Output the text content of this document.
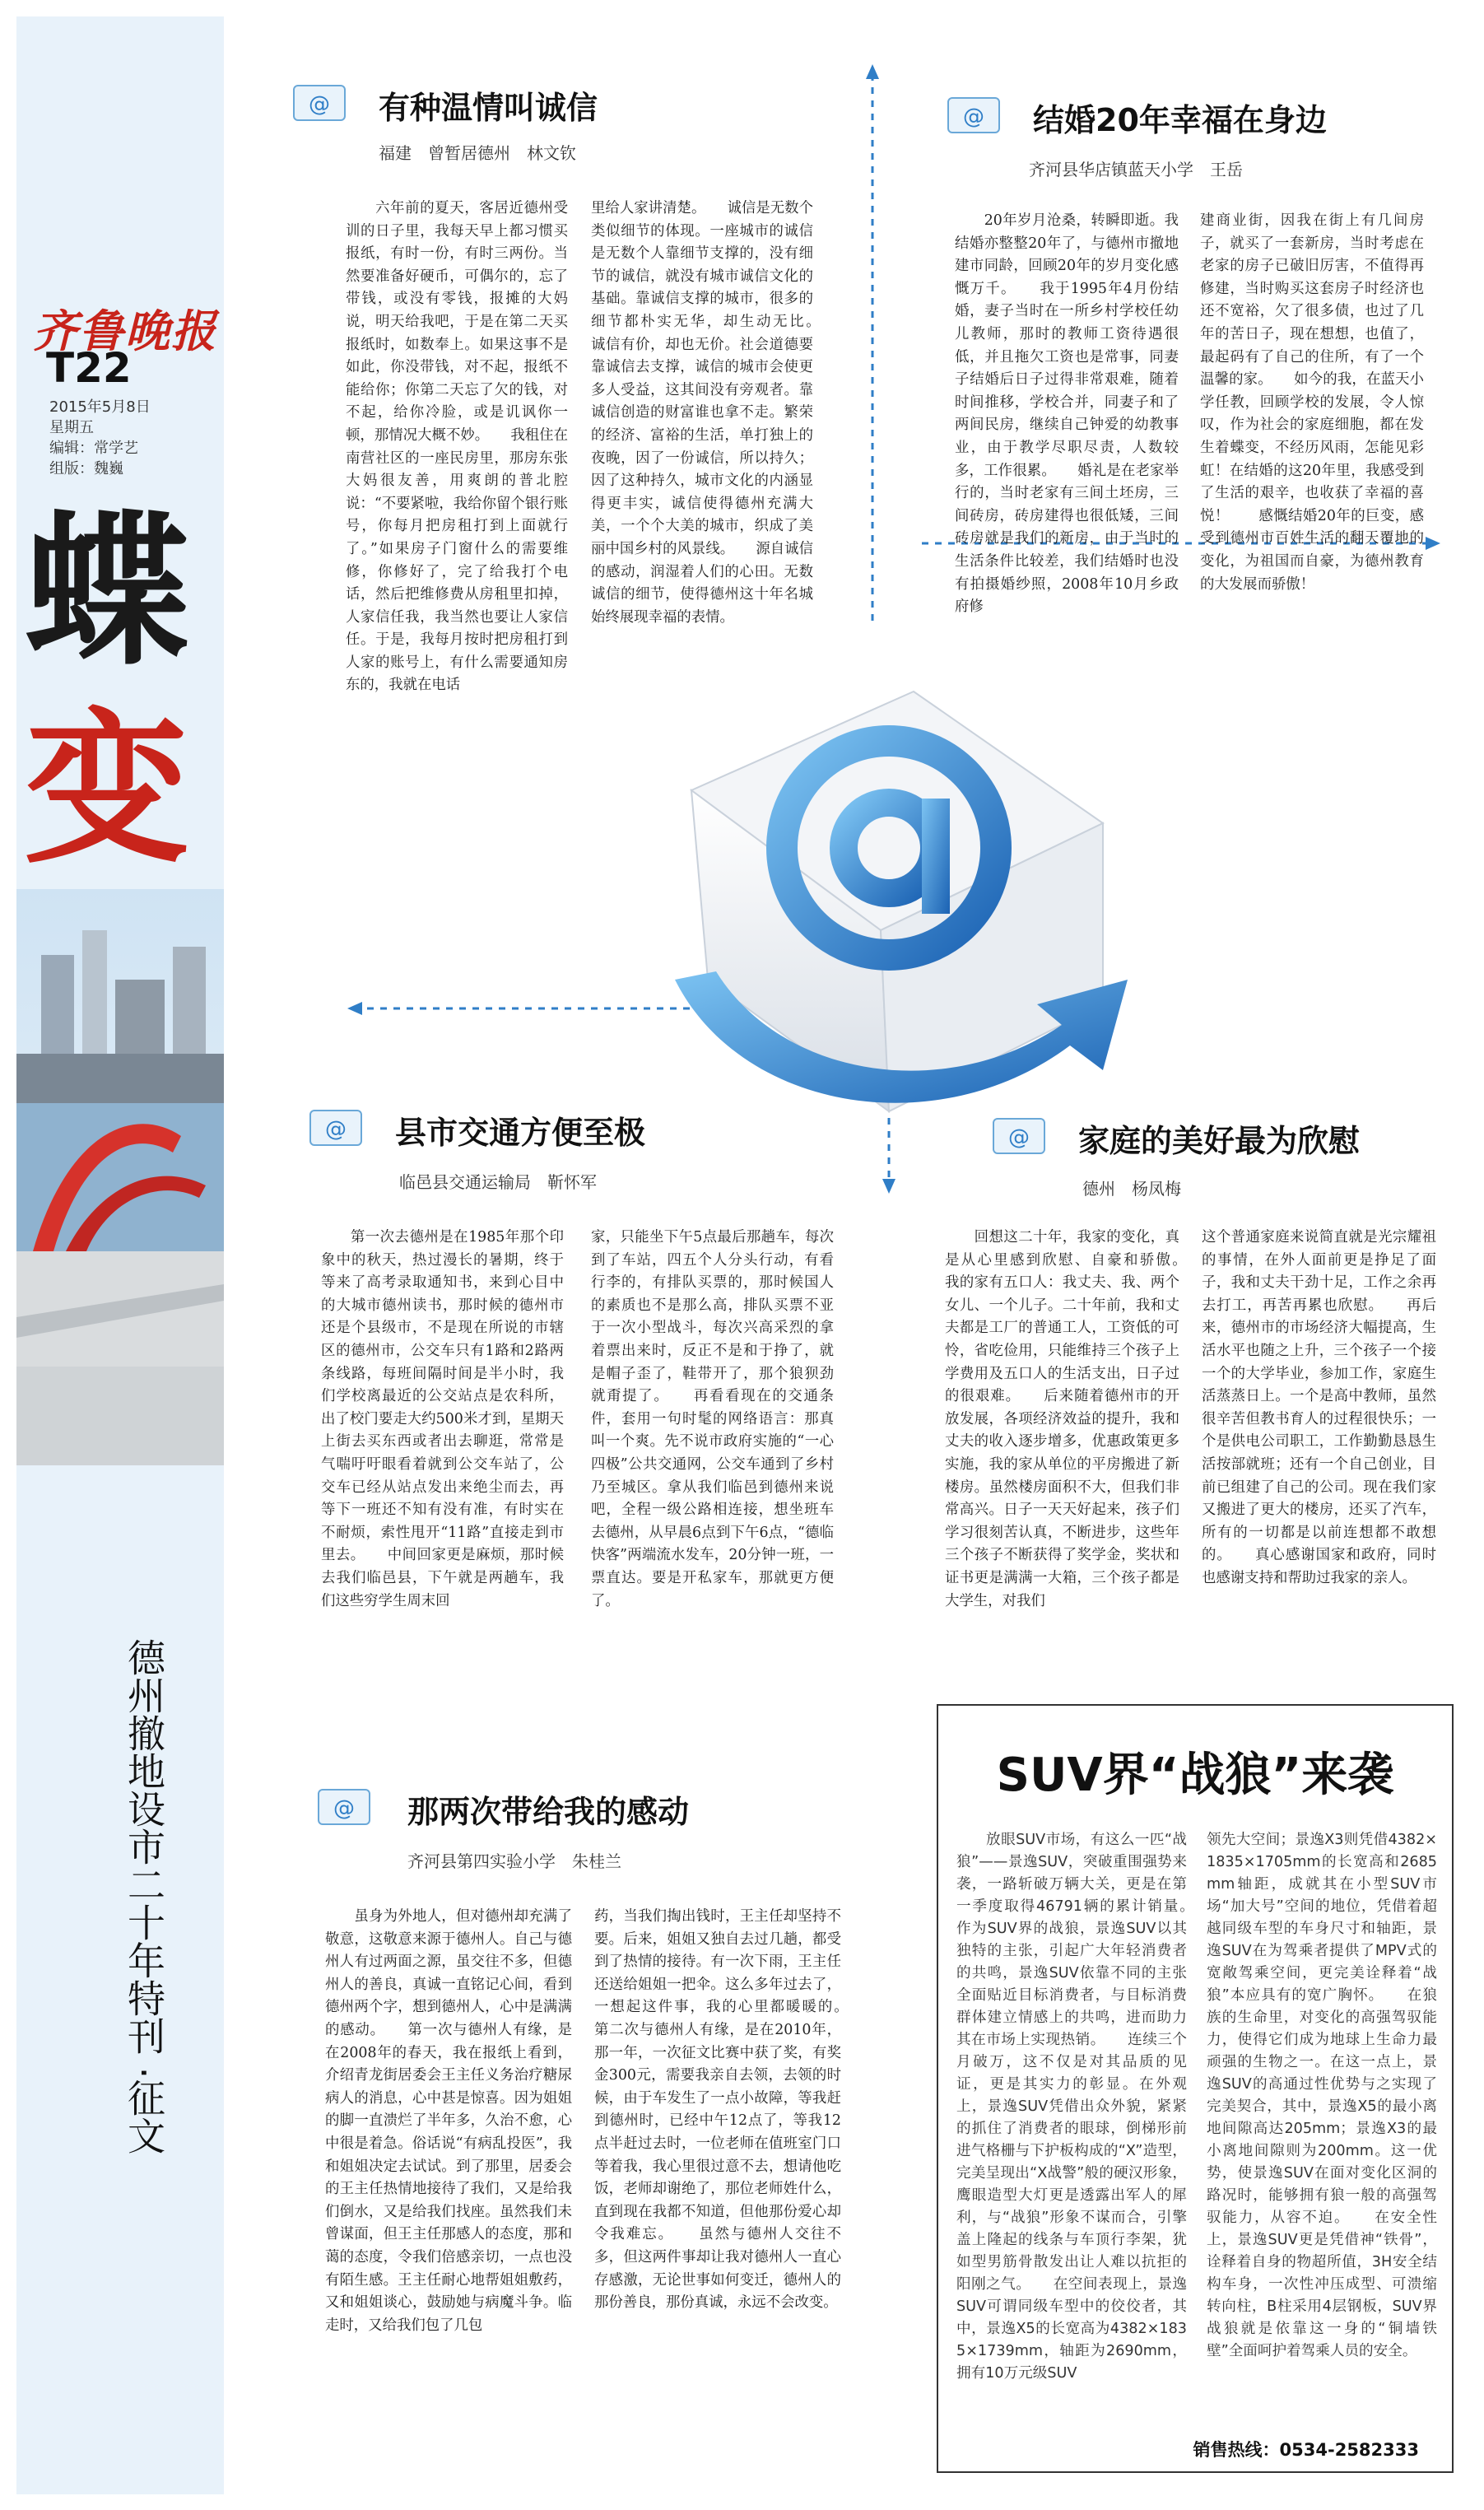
齐鲁晚报
T22
2015年5月8日
星期五
编辑：常学艺
组版：魏巍
蝶
变
德州撤地设市二十年特刊 ·征文
@ 有种温情叫诚信
福建　曾暂居德州　林文钦
　　六年前的夏天，客居近德州受训的日子里，我每天早上都习惯买报纸，有时一份，有时三两份。当然要准备好硬币，可偶尔的，忘了带钱，或没有零钱，报摊的大妈说，明天给我吧，于是在第二天买报纸时，如数奉上。如果这事不是如此，你没带钱，对不起，报纸不能给你；你第二天忘了欠的钱，对不起，给你冷脸，或是讥讽你一顿，那情况大概不妙。　　我租住在南营社区的一座民房里，那房东张大妈很友善，用爽朗的普北腔说：“不要紧啦，我给你留个银行账号，你每月把房租打到上面就行了。”如果房子门窗什么的需要维修，你修好了，完了给我打个电话，然后把维修费从房租里扣掉，人家信任我，我当然也要让人家信任。于是，我每月按时把房租打到人家的账号上，有什么需要通知房东的，我就在电话
里给人家讲清楚。　　诚信是无数个类似细节的体现。一座城市的诚信是无数个人靠细节支撑的，没有细节的诚信，就没有城市诚信文化的基础。靠诚信支撑的城市，很多的细节都朴实无华，却生动无比。　　诚信有价，却也无价。社会道德要靠诚信去支撑，诚信的城市会使更多人受益，这其间没有旁观者。靠诚信创造的财富谁也拿不走。繁荣的经济、富裕的生活，单打独上的夜晚，因了一份诚信，所以持久；因了这种持久，城市文化的内涵显得更丰实，诚信使得德州充满大美，一个个大美的城市，织成了美丽中国乡村的风景线。　　源自诚信的感动，润湿着人们的心田。无数诚信的细节，使得德州这十年名城始终展现幸福的表情。
@ 结婚20年幸福在身边
齐河县华店镇蓝天小学　王岳
　　20年岁月沧桑，转瞬即逝。我结婚亦整整20年了，与德州市撤地建市同龄，回顾20年的岁月变化感慨万千。　　我于1995年4月份结婚，妻子当时在一所乡村学校任幼儿教师，那时的教师工资待遇很低，并且拖欠工资也是常事，同妻子结婚后日子过得非常艰难，随着时间推移，学校合并，同妻子和了两间民房，继续自己钟爱的幼教事业，由于教学尽职尽责，人数较多，工作很累。　　婚礼是在老家举行的，当时老家有三间土坯房，三间砖房，砖房建得也很低矮，三间砖房就是我们的新房，由于当时的生活条件比较差，我们结婚时也没有拍摄婚纱照，2008年10月乡政府修
建商业街，因我在街上有几间房子，就买了一套新房，当时考虑在老家的房子已破旧厉害，不值得再修建，当时购买这套房子时经济也还不宽裕，欠了很多债，也过了几年的苦日子，现在想想，也值了，最起码有了自己的住所，有了一个温馨的家。　　如今的我，在蓝天小学任教，回顾学校的发展，令人惊叹，作为社会的家庭细胞，都在发生着蝶变，不经历风雨，怎能见彩虹！在结婚的这20年里，我感受到了生活的艰辛，也收获了幸福的喜悦！　　感慨结婚20年的巨变，感受到德州市百姓生活的翻天覆地的变化，为祖国而自豪，为德州教育的大发展而骄傲！
@ 县市交通方便至极
临邑县交通运输局　靳怀军
　　第一次去德州是在1985年那个印象中的秋天，热过漫长的暑期，终于等来了高考录取通知书，来到心目中的大城市德州读书，那时候的德州市还是个县级市，不是现在所说的市辖区的德州市，公交车只有1路和2路两条线路，每班间隔时间是半小时，我们学校离最近的公交站点是农科所，出了校门要走大约500米才到，星期天上街去买东西或者出去聊逛，常常是气喘吁吁眼看着就到公交车站了，公交车已经从站点发出来绝尘而去，再等下一班还不知有没有准，有时实在不耐烦，索性甩开“11路”直接走到市里去。　　中间回家更是麻烦，那时候去我们临邑县，下午就是两趟车，我们这些穷学生周末回
家，只能坐下午5点最后那趟车，每次到了车站，四五个人分头行动，有看行李的，有排队买票的，那时候国人的素质也不是那么高，排队买票不亚于一次小型战斗，每次兴高采烈的拿着票出来时，反正不是和于挣了，就是帽子歪了，鞋带开了，那个狼狈劲就甭提了。　　再看看现在的交通条件，套用一句时髦的网络语言：那真叫一个爽。先不说市政府实施的“一心四极”公共交通网，公交车通到了乡村乃至城区。拿从我们临邑到德州来说吧，全程一级公路相连接，想坐班车去德州，从早晨6点到下午6点，“德临快客”两端流水发车，20分钟一班，一票直达。要是开私家车，那就更方便了。
@ 家庭的美好最为欣慰
德州　杨凤梅
　　回想这二十年，我家的变化，真是从心里感到欣慰、自豪和骄傲。　　我的家有五口人：我丈夫、我、两个女儿、一个儿子。二十年前，我和丈夫都是工厂的普通工人，工资低的可怜，省吃俭用，只能维持三个孩子上学费用及五口人的生活支出，日子过的很艰难。　　后来随着德州市的开放发展，各项经济效益的提升，我和丈夫的收入逐步增多，优惠政策更多实施，我的家从单位的平房搬进了新楼房。虽然楼房面积不大，但我们非常高兴。日子一天天好起来，孩子们学习很刻苦认真，不断进步，这些年三个孩子不断获得了奖学金，奖状和证书更是满满一大箱，三个孩子都是大学生，对我们
这个普通家庭来说简直就是光宗耀祖的事情，在外人面前更是挣足了面子，我和丈夫干劲十足，工作之余再去打工，再苦再累也欣慰。　　再后来，德州市的市场经济大幅提高，生活水平也随之上升，三个孩子一个接一个的大学毕业，参加工作，家庭生活蒸蒸日上。一个是高中教师，虽然很辛苦但教书育人的过程很快乐；一个是供电公司职工，工作勤勤恳恳生活按部就班；还有一个自己创业，目前已组建了自己的公司。现在我们家又搬进了更大的楼房，还买了汽车，所有的一切都是以前连想都不敢想的。　　真心感谢国家和政府，同时也感谢支持和帮助过我家的亲人。
@ 那两次带给我的感动
齐河县第四实验小学　朱桂兰
　　虽身为外地人，但对德州却充满了敬意，这敬意来源于德州人。自己与德州人有过两面之源，虽交往不多，但德州人的善良，真诚一直铭记心间，看到德州两个字，想到德州人，心中是满满的感动。　　第一次与德州人有缘，是在2008年的春天，我在报纸上看到，介绍青龙街居委会王主任义务治疗糖尿病人的消息，心中甚是惊喜。因为姐姐的脚一直溃烂了半年多，久治不愈，心中很是着急。俗话说“有病乱投医”，我和姐姐决定去试试。到了那里，居委会的王主任热情地接待了我们，又是给我们倒水，又是给我们找座。虽然我们未曾谋面，但王主任那感人的态度，那和蔼的态度，令我们倍感亲切，一点也没有陌生感。王主任耐心地帮姐姐敷药，又和姐姐谈心，鼓励她与病魔斗争。临走时，又给我们包了几包
药，当我们掏出钱时，王主任却坚持不要。后来，姐姐又独自去过几趟，都受到了热情的接待。有一次下雨，王主任还送给姐姐一把伞。这么多年过去了，一想起这件事，我的心里都暖暖的。　　第二次与德州人有缘，是在2010年，那一年，一次征文比赛中获了奖，有奖金300元，需要我亲自去领，去领的时候，由于车发生了一点小故障，等我赶到德州时，已经中午12点了，等我12点半赶过去时，一位老师在值班室门口等着我，我心里很过意不去，想请他吃饭，老师却谢绝了，那位老师姓什么，直到现在我都不知道，但他那份爱心却令我难忘。　　虽然与德州人交往不多，但这两件事却让我对德州人一直心存感激，无论世事如何变迁，德州人的那份善良，那份真诚，永远不会改变。
SUV界“战狼”来袭
　　放眼SUV市场，有这么一匹“战狼”——景逸SUV，突破重围强势来袭，一路斩破万辆大关，更是在第一季度取得46791辆的累计销量。　作为SUV界的战狼，景逸SUV以其独特的主张，引起广大年轻消费者的共鸣，景逸SUV依靠不同的主张全面贴近目标消费者，与目标消费群体建立情感上的共鸣，进而助力其在市场上实现热销。　　连续三个月破万，这不仅是对其品质的见证，更是其实力的彰显。在外观上，景逸SUV凭借出众外貌，紧紧的抓住了消费者的眼球，倒梯形前进气格栅与下护板构成的“X”造型，完美呈现出“X战警”般的硬汉形象，鹰眼造型大灯更是透露出军人的犀利，与“战狼”形象不谋而合，引擎盖上隆起的线条与车顶行李架，犹如型男筋骨散发出让人难以抗拒的阳刚之气。　　在空间表现上，景逸SUV可谓同级车型中的佼佼者，其中，景逸X5的长宽高为4382×1835×1739mm，轴距为2690mm，拥有10万元级SUV
领先大空间；景逸X3则凭借4382×1835×1705mm的长宽高和2685mm轴距，成就其在小型SUV市场“加大号”空间的地位，凭借着超越同级车型的车身尺寸和轴距，景逸SUV在为驾乘者提供了MPV式的宽敞驾乘空间，更完美诠释着“战狼”本应具有的宽广胸怀。　　在狼族的生命里，对变化的高强驾驭能力，使得它们成为地球上生命力最顽强的生物之一。在这一点上，景逸SUV的高通过性优势与之实现了完美契合，其中，景逸X5的最小离地间隙高达205mm；景逸X3的最小离地间隙则为200mm。这一优势，使景逸SUV在面对变化区洞的路况时，能够拥有狼一般的高强驾驭能力，从容不迫。　　在安全性上，景逸SUV更是凭借神“铁骨”，诠释着自身的物超所值，3H安全结构车身，一次性冲压成型、可溃缩转向柱，B柱采用4层钢板，SUV界战狼就是依靠这一身的“铜墙铁壁”全面呵护着驾乘人员的安全。
销售热线：0534-2582333
